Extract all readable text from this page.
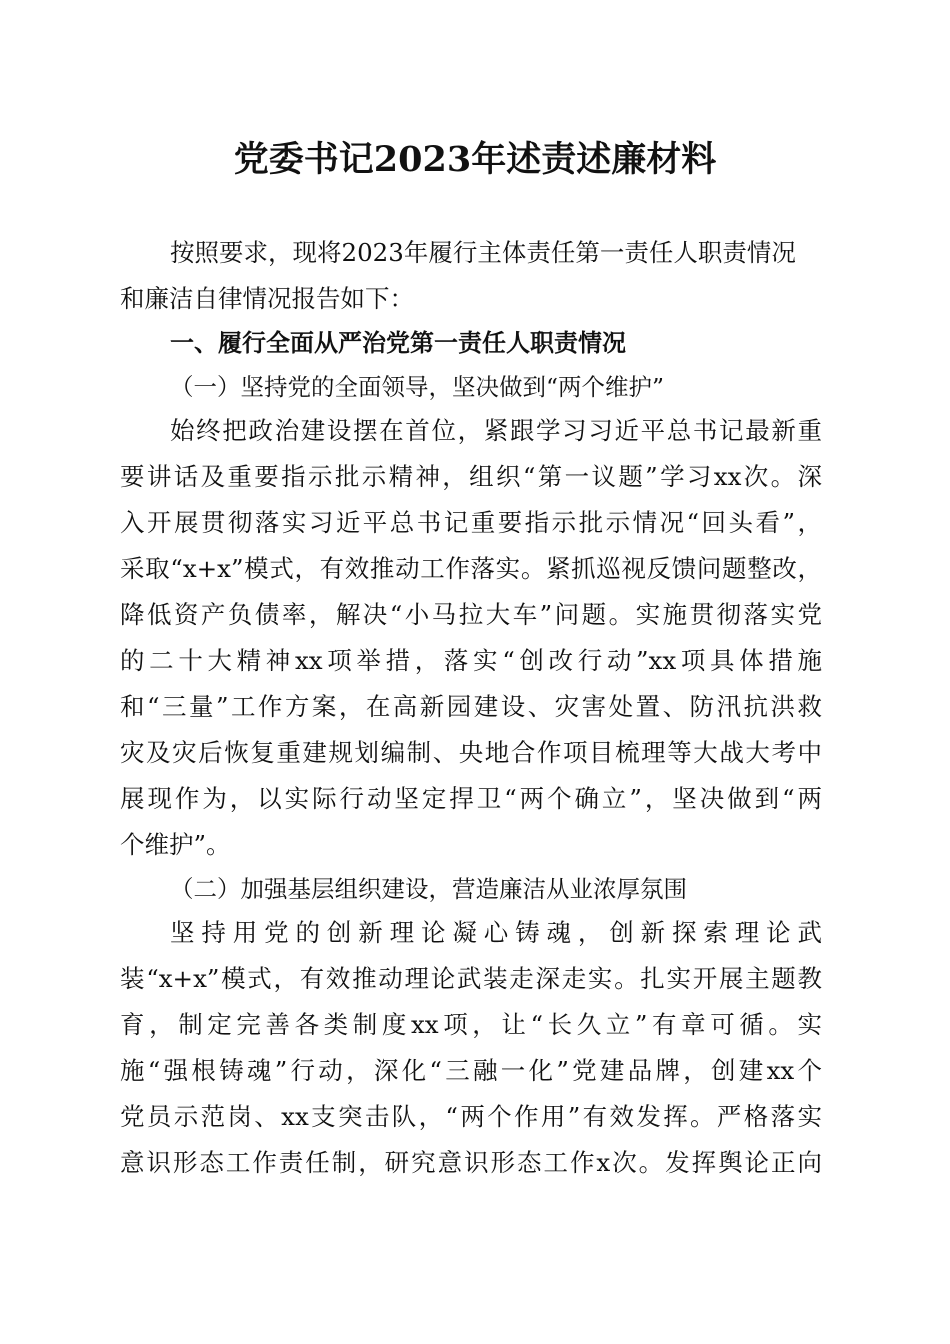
党委书记2023年述责述廉材料
按照要求，现将2023年履行主体责任第一责任人职责情况
和廉洁自律情况报告如下：
一、履行全面从严治党第一责任人职责情况
（一）坚持党的全面领导，坚决做到“两个维护”
始终把政治建设摆在首位，紧跟学习习近平总书记最新重
要讲话及重要指示批示精神，组织“第一议题”学习xx次。深
入开展贯彻落实习近平总书记重要指示批示情况“回头看”，
采取“x+x”模式，有效推动工作落实。紧抓巡视反馈问题整改，
降低资产负债率，解决“小马拉大车”问题。实施贯彻落实党
的二十大精神xx项举措，落实“创改行动”xx项具体措施
和“三量”工作方案，在高新园建设、灾害处置、防汛抗洪救
灾及灾后恢复重建规划编制、央地合作项目梳理等大战大考中
展现作为，以实际行动坚定捍卫“两个确立”，坚决做到“两
个维护”。
（二）加强基层组织建设，营造廉洁从业浓厚氛围
坚持用党的创新理论凝心铸魂，创新探索理论武
装“x+x”模式，有效推动理论武装走深走实。扎实开展主题教
育，制定完善各类制度xx项，让“长久立”有章可循。实
施“强根铸魂”行动，深化“三融一化”党建品牌，创建xx个
党员示范岗、xx支突击队，“两个作用”有效发挥。严格落实
意识形态工作责任制，研究意识形态工作x次。发挥舆论正向
